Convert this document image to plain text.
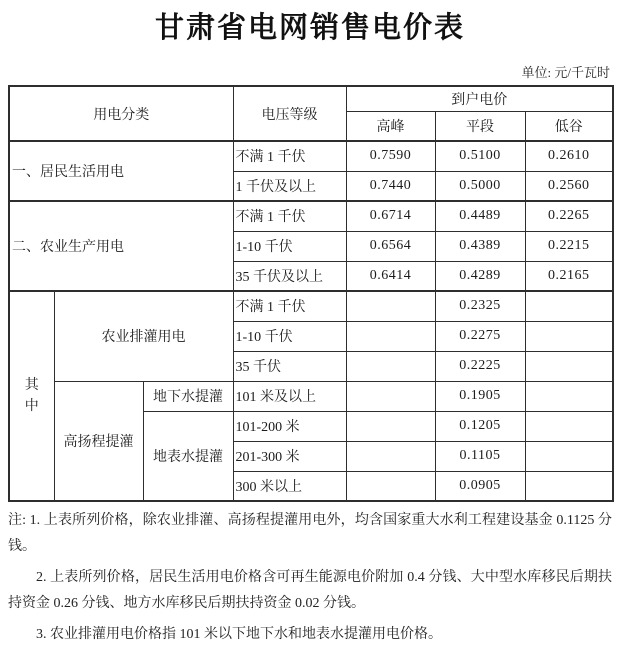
甘肃省电网销售电价表
单位: 元/千瓦时
用电分类			电压等级	到户电价		
				高峰	平段	低谷
一、居民生活用电			不满 1 千伏	0.7590	0.5100	0.2610
			1 千伏及以上	0.7440	0.5000	0.2560
二、农业生产用电			不满 1 千伏	0.6714	0.4489	0.2265
			1-10 千伏	0.6564	0.4389	0.2215
			35 千伏及以上	0.6414	0.4289	0.2165

其中	农业排灌用电		不满 1 千伏		0.2325	
			1-10 千伏		0.2275	
			35 千伏		0.2225	
	高扬程提灌	地下水提灌	101 米及以上		0.1905	
		地表水提灌	101-200 米		0.1205	
			201-300 米		0.1105	
			300 米以上		0.0905	

注: 1. 上表所列价格，除农业排灌、高扬程提灌用电外，均含国家重大水利工程建设基金 0.1125 分钱。

2. 上表所列价格，居民生活用电价格含可再生能源电价附加 0.4 分钱、大中型水库移民后期扶持资金 0.26 分钱、地方水库移民后期扶持资金 0.02 分钱。

3. 农业排灌用电价格指 101 米以下地下水和地表水提灌用电价格。
